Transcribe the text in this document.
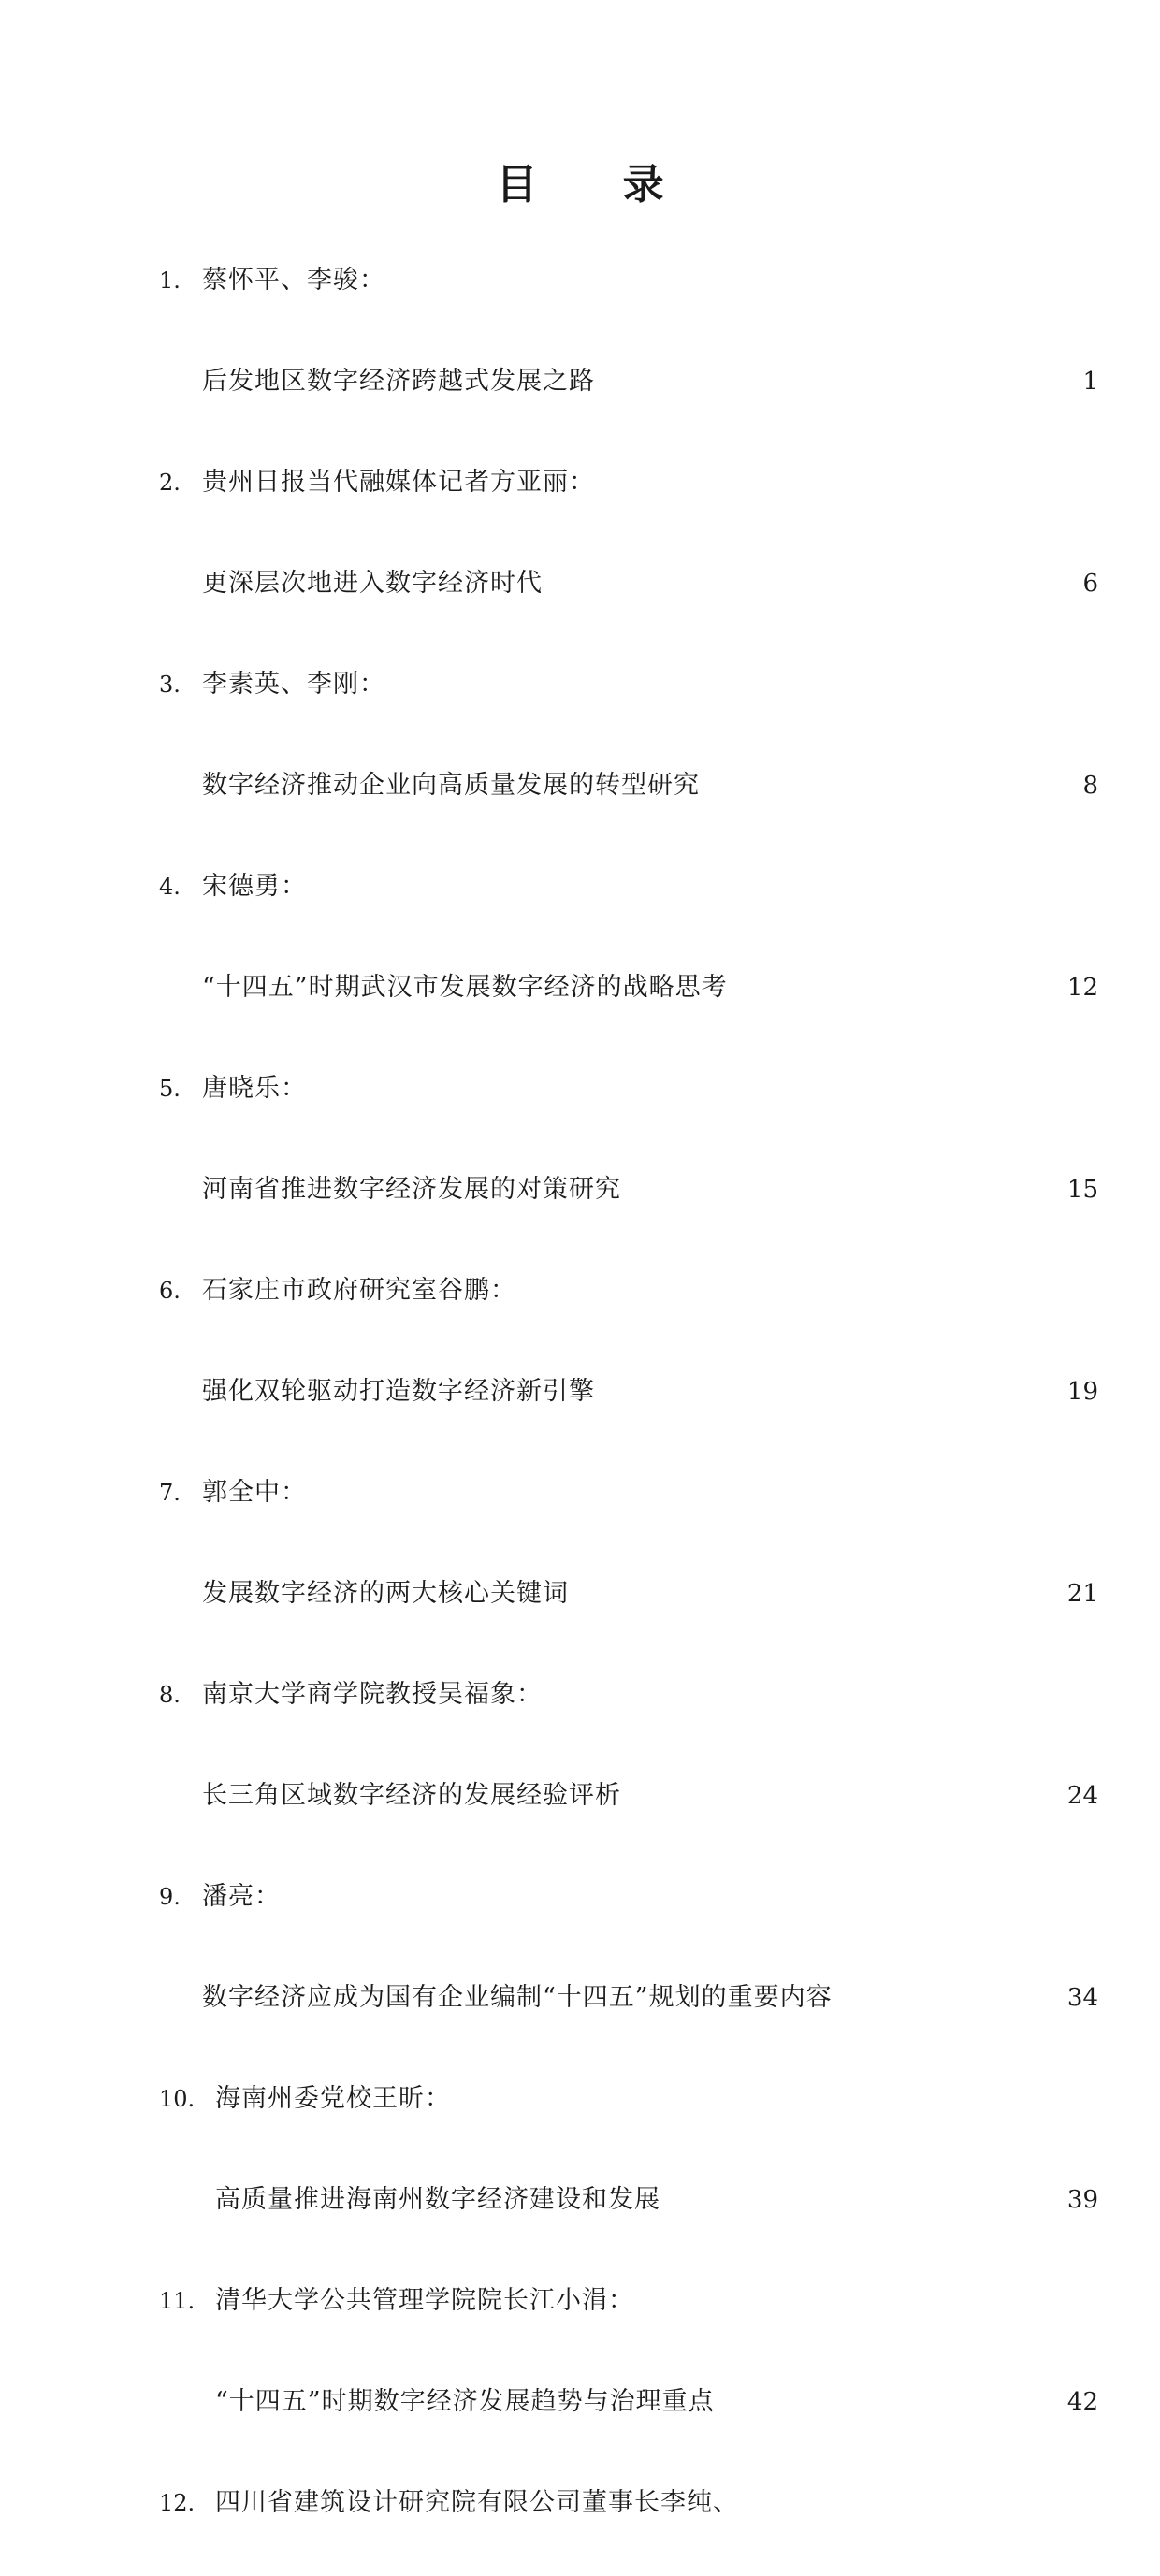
目 录
1. 蔡怀平、李骏：
后发地区数字经济跨越式发展之路	1
2. 贵州日报当代融媒体记者方亚丽：
更深层次地进入数字经济时代	6
3. 李素英、李刚：
数字经济推动企业向高质量发展的转型研究	8
4. 宋德勇：
“十四五”时期武汉市发展数字经济的战略思考	12
5. 唐晓乐：
河南省推进数字经济发展的对策研究	15
6. 石家庄市政府研究室谷鹏：
强化双轮驱动打造数字经济新引擎	19
7. 郭全中：
发展数字经济的两大核心关键词	21
8. 南京大学商学院教授吴福象：
长三角区域数字经济的发展经验评析	24
9. 潘亮：
数字经济应成为国有企业编制“十四五”规划的重要内容	34
10. 海南州委党校王昕：
高质量推进海南州数字经济建设和发展	39
11. 清华大学公共管理学院院长江小涓：
“十四五”时期数字经济发展趋势与治理重点	42
12. 四川省建筑设计研究院有限公司董事长李纯、
